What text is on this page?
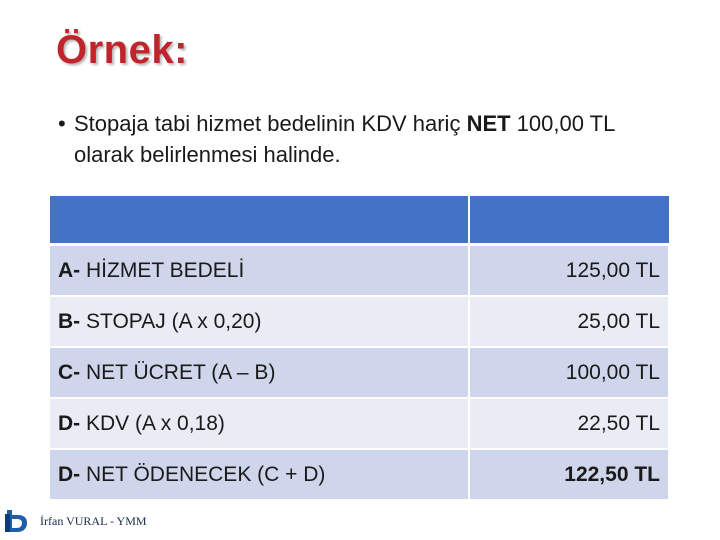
Örnek:
• Stopaja tabi hizmet bedelinin KDV hariç NET 100,00 TL olarak belirlenmesi halinde.

A- HİZMET BEDELİ	125,00 TL
B- STOPAJ (A x 0,20)	25,00 TL
C- NET ÜCRET (A – B)	100,00 TL
D- KDV (A x 0,18)	22,50 TL
D- NET ÖDENECEK (C + D)	122,50 TL
İrfan VURAL - YMM
